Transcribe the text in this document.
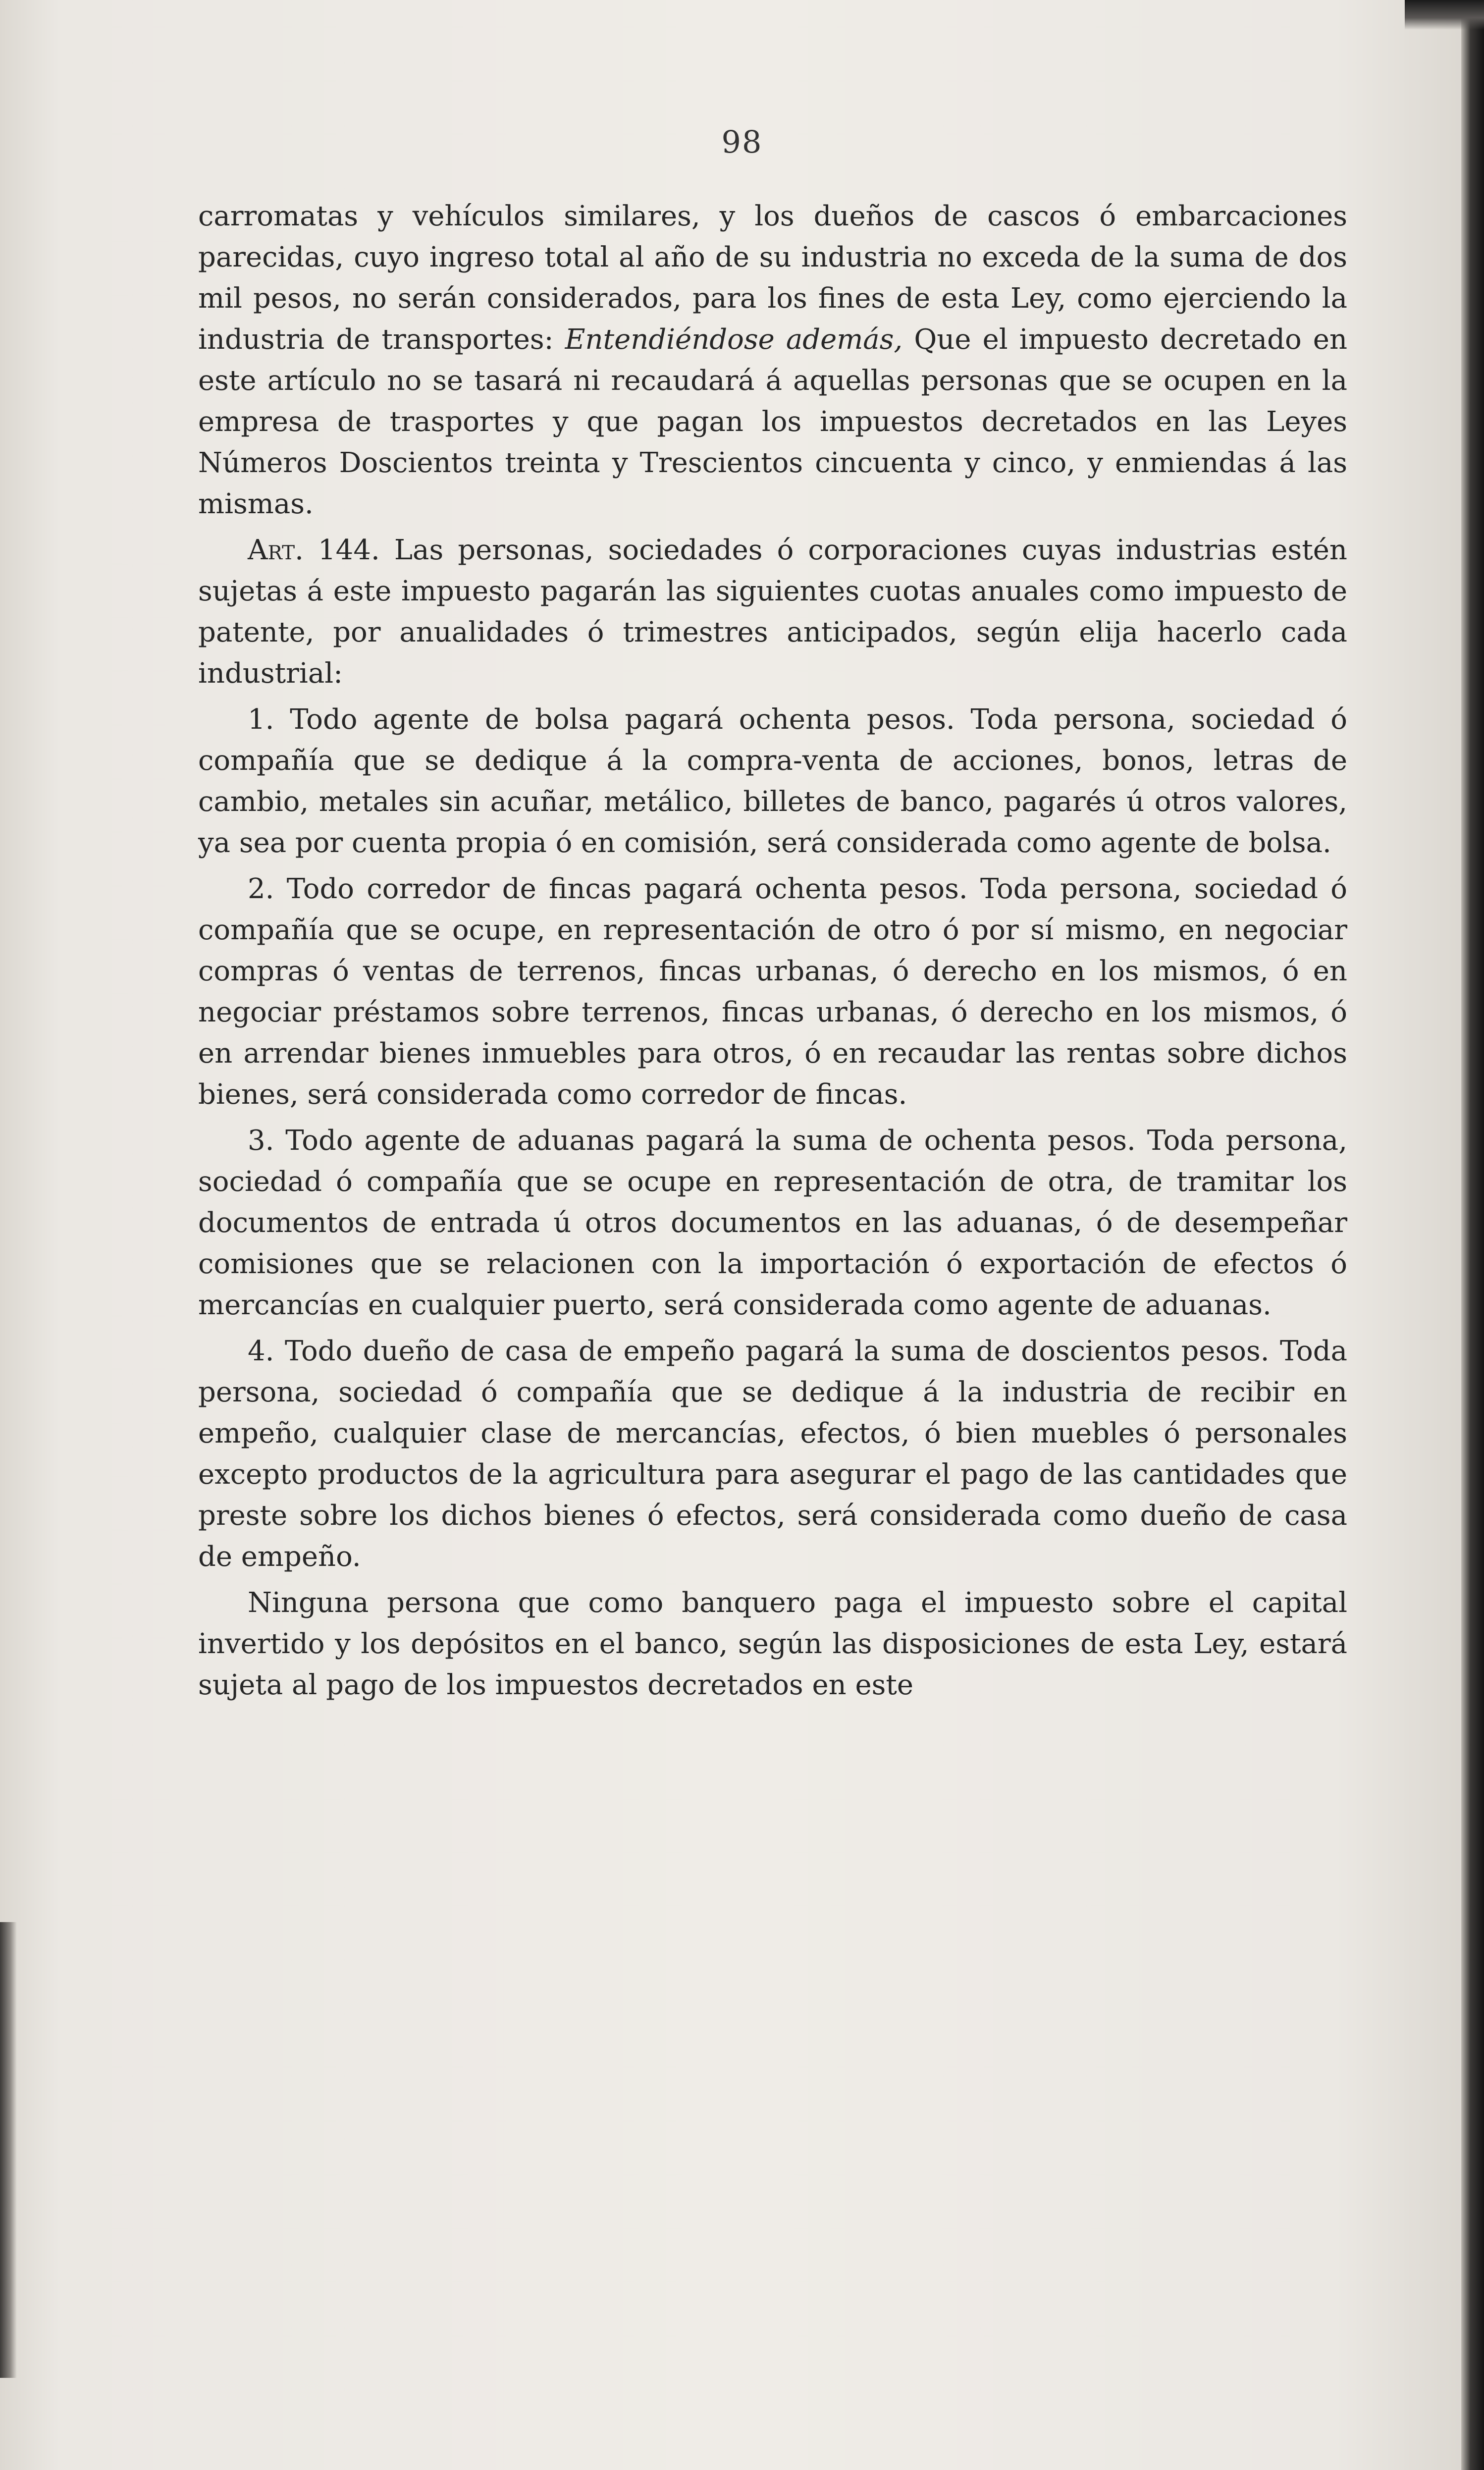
98

carromatas y vehículos similares, y los dueños de cascos ó embarcaciones parecidas, cuyo ingreso total al año de su industria no exceda de la suma de dos mil pesos, no serán considerados, para los fines de esta Ley, como ejerciendo la industria de transportes: Entendiéndose además, Que el impuesto decretado en este artículo no se tasará ni recaudará á aquellas personas que se ocupen en la empresa de trasportes y que pagan los impuestos decretados en las Leyes Números Doscientos treinta y Trescientos cincuenta y cinco, y enmiendas á las mismas.

Art. 144. Las personas, sociedades ó corporaciones cuyas industrias estén sujetas á este impuesto pagarán las siguientes cuotas anuales como impuesto de patente, por anualidades ó trimestres anticipados, según elija hacerlo cada industrial:

1. Todo agente de bolsa pagará ochenta pesos. Toda persona, sociedad ó compañía que se dedique á la compra-venta de acciones, bonos, letras de cambio, metales sin acuñar, metálico, billetes de banco, pagarés ú otros valores, ya sea por cuenta propia ó en comisión, será considerada como agente de bolsa.

2. Todo corredor de fincas pagará ochenta pesos. Toda persona, sociedad ó compañía que se ocupe, en representación de otro ó por sí mismo, en negociar compras ó ventas de terrenos, fincas urbanas, ó derecho en los mismos, ó en negociar préstamos sobre terrenos, fincas urbanas, ó derecho en los mismos, ó en arrendar bienes inmuebles para otros, ó en recaudar las rentas sobre dichos bienes, será considerada como corredor de fincas.

3. Todo agente de aduanas pagará la suma de ochenta pesos. Toda persona, sociedad ó compañía que se ocupe en representación de otra, de tramitar los documentos de entrada ú otros documentos en las aduanas, ó de desempeñar comisiones que se relacionen con la importación ó exportación de efectos ó mercancías en cualquier puerto, será considerada como agente de aduanas.

4. Todo dueño de casa de empeño pagará la suma de doscientos pesos. Toda persona, sociedad ó compañía que se dedique á la industria de recibir en empeño, cualquier clase de mercancías, efectos, ó bien muebles ó personales excepto productos de la agricultura para asegurar el pago de las cantidades que preste sobre los dichos bienes ó efectos, será considerada como dueño de casa de empeño.

Ninguna persona que como banquero paga el impuesto sobre el capital invertido y los depósitos en el banco, según las disposiciones de esta Ley, estará sujeta al pago de los impuestos decretados en este
